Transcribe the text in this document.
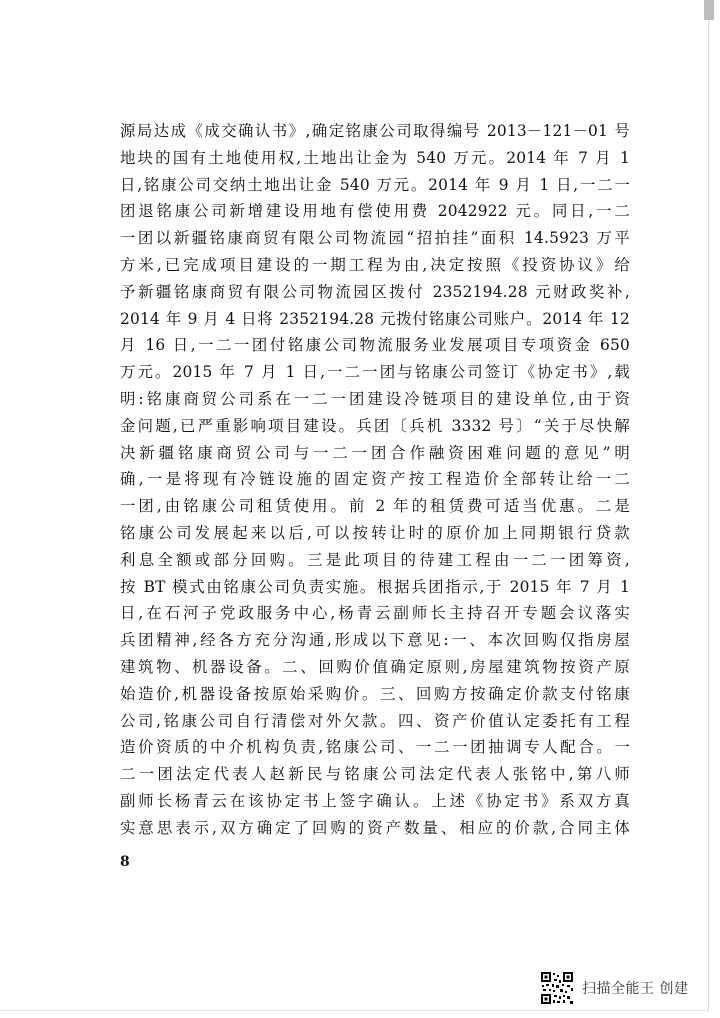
源局达成《成交确认书》,确定铭康公司取得编号 2013－121－01 号
地块的国有土地使用权,土地出让金为 540 万元。2014 年 7 月 1
日,铭康公司交纳土地出让金 540 万元。2014 年 9 月 1 日,一二一
团退铭康公司新增建设用地有偿使用费 2042922 元。同日,一二
一团以新疆铭康商贸有限公司物流园“招拍挂”面积 14.5923 万平
方米,已完成项目建设的一期工程为由,决定按照《投资协议》给
予新疆铭康商贸有限公司物流园区拨付 2352194.28 元财政奖补,
2014 年 9 月 4 日将 2352194.28 元拨付铭康公司账户。2014 年 12
月 16 日,一二一团付铭康公司物流服务业发展项目专项资金 650
万元。2015 年 7 月 1 日,一二一团与铭康公司签订《协定书》,载
明:铭康商贸公司系在一二一团建设冷链项目的建设单位,由于资
金问题,已严重影响项目建设。兵团〔兵机 3332 号〕“关于尽快解
决新疆铭康商贸公司与一二一团合作融资困难问题的意见”明
确,一是将现有冷链设施的固定资产按工程造价全部转让给一二
一团,由铭康公司租赁使用。前 2 年的租赁费可适当优惠。二是
铭康公司发展起来以后,可以按转让时的原价加上同期银行贷款
利息全额或部分回购。三是此项目的待建工程由一二一团筹资,
按 BT 模式由铭康公司负责实施。根据兵团指示,于 2015 年 7 月 1
日,在石河子党政服务中心,杨青云副师长主持召开专题会议落实
兵团精神,经各方充分沟通,形成以下意见:一、本次回购仅指房屋
建筑物、机器设备。二、回购价值确定原则,房屋建筑物按资产原
始造价,机器设备按原始采购价。三、回购方按确定价款支付铭康
公司,铭康公司自行清偿对外欠款。四、资产价值认定委托有工程
造价资质的中介机构负责,铭康公司、一二一团抽调专人配合。一
二一团法定代表人赵新民与铭康公司法定代表人张铭中,第八师
副师长杨青云在该协定书上签字确认。上述《协定书》系双方真
实意思表示,双方确定了回购的资产数量、相应的价款,合同主体
8
扫描全能王 创建
